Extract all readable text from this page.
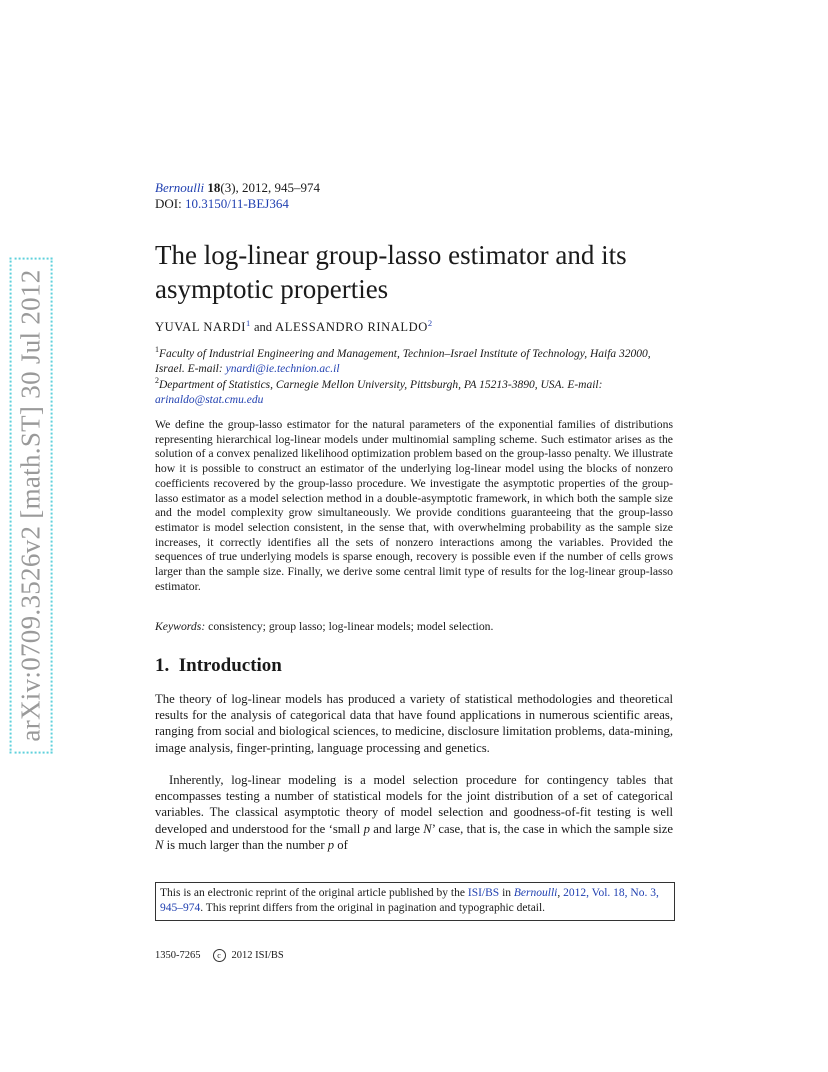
arXiv:0709.3526v2 [math.ST] 30 Jul 2012
Bernoulli 18(3), 2012, 945–974
DOI: 10.3150/11-BEJ364
The log-linear group-lasso estimator and its asymptotic properties
YUVAL NARDI$^1$ and ALESSANDRO RINALDO$^2$
$^1$Faculty of Industrial Engineering and Management, Technion–Israel Institute of Technology, Haifa 32000, Israel. E-mail: ynardi@ie.technion.ac.il
$^2$Department of Statistics, Carnegie Mellon University, Pittsburgh, PA 15213-3890, USA. E-mail: arinaldo@stat.cmu.edu

We define the group-lasso estimator for the natural parameters of the exponential families of distributions representing hierarchical log-linear models under multinomial sampling scheme. Such estimator arises as the solution of a convex penalized likelihood optimization problem based on the group-lasso penalty. We illustrate how it is possible to construct an estimator of the underlying log-linear model using the blocks of nonzero coefficients recovered by the group-lasso procedure. We investigate the asymptotic properties of the group-lasso estimator as a model selection method in a double-asymptotic framework, in which both the sample size and the model complexity grow simultaneously. We provide conditions guaranteeing that the group-lasso estimator is model selection consistent, in the sense that, with overwhelming probability as the sample size increases, it correctly identifies all the sets of nonzero interactions among the variables. Provided the sequences of true underlying models is sparse enough, recovery is possible even if the number of cells grows larger than the sample size. Finally, we derive some central limit type of results for the log-linear group-lasso estimator.

Keywords: consistency; group lasso; log-linear models; model selection.
1. Introduction

The theory of log-linear models has produced a variety of statistical methodologies and theoretical results for the analysis of categorical data that have found applications in numerous scientific areas, ranging from social and biological sciences, to medicine, disclosure limitation problems, data-mining, image analysis, finger-printing, language processing and genetics.

Inherently, log-linear modeling is a model selection procedure for contingency tables that encompasses testing a number of statistical models for the joint distribution of a set of categorical variables. The classical asymptotic theory of model selection and goodness-of-fit testing is well developed and understood for the ‘small p and large N’ case, that is, the case in which the sample size N is much larger than the number p of

This is an electronic reprint of the original article published by the ISI/BS in Bernoulli, 2012, Vol. 18, No. 3, 945–974. This reprint differs from the original in pagination and typographic detail.
1350-7265 c 2012 ISI/BS
